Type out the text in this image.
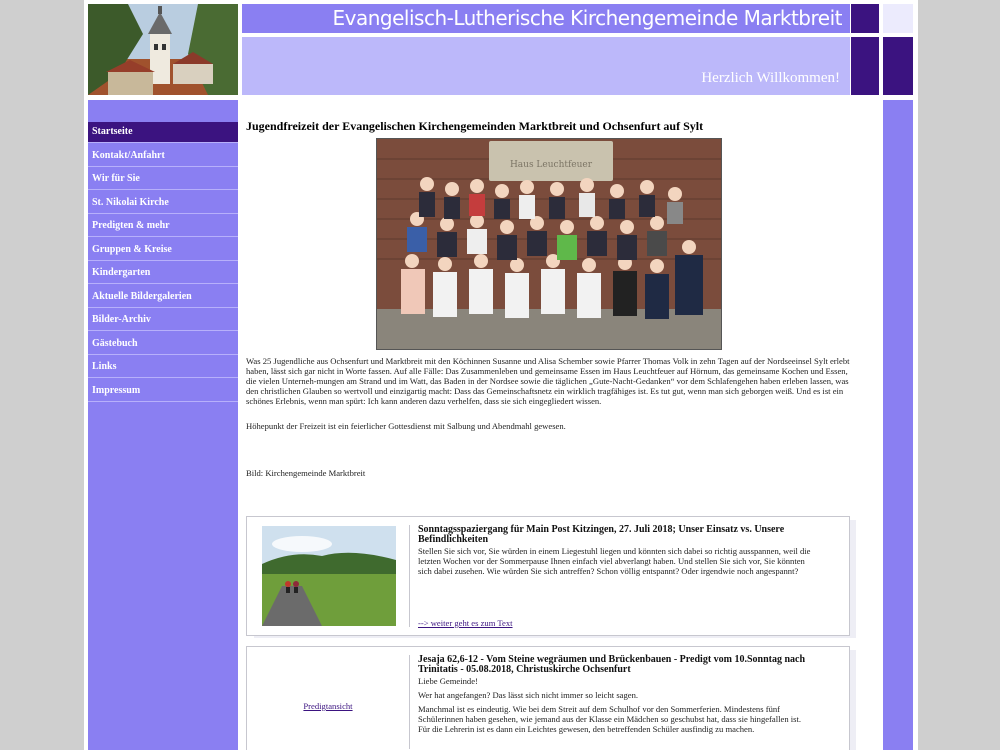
Evangelisch-Lutherische Kirchengemeinde Marktbreit
Herzlich Willkommen!
Startseite
Kontakt/Anfahrt
Wir für Sie
St. Nikolai Kirche
Predigten & mehr
Gruppen & Kreise
Kindergarten
Aktuelle Bildergalerien
Bilder-Archiv
Gästebuch
Links
Impressum
Jugendfreizeit der Evangelischen Kirchengemeinden Marktbreit und Ochsenfurt auf Sylt
Haus Leuchtfeuer

Was 25 Jugendliche aus Ochsenfurt und Marktbreit mit den Köchinnen Susanne und Alisa Schember sowie Pfarrer Thomas Volk in zehn Tagen auf der Nordseeinsel Sylt erlebt haben, lässt sich gar nicht in Worte fassen. Auf alle Fälle: Das Zusammenleben und gemeinsame Essen im Haus Leuchtfeuer auf Hörnum, das gemeinsame Kochen und Essen, die vielen Unterneh-mungen am Strand und im Watt, das Baden in der Nordsee sowie die täglichen „Gute-Nacht-Gedanken“ vor dem Schlafengehen haben erleben lassen, was den christlichen Glauben so wertvoll und einzigartig macht: Dass das Gemeinschaftsnetz ein wirklich tragfähiges ist. Es tut gut, wenn man sich geborgen weiß. Und es ist ein schönes Erlebnis, wenn man spürt: Ich kann anderen dazu verhelfen, dass sie sich eingegliedert wissen.

Höhepunkt der Freizeit ist ein feierlicher Gottesdienst mit Salbung und Abendmahl gewesen.

Bild: Kirchengemeinde Marktbreit

Sonntagsspaziergang für Main Post Kitzingen, 27. Juli 2018; Unser Einsatz vs. Unsere Befindlichkeiten

Stellen Sie sich vor, Sie würden in einem Liegestuhl liegen und könnten sich dabei so richtig ausspannen, weil die letzten Wochen vor der Sommerpause Ihnen einfach viel abverlangt haben. Und stellen Sie sich vor, Sie könnten sich dabei zusehen. Wie würden Sie sich antreffen? Schon völlig entspannt? Oder irgendwie noch angespannt?

--> weiter geht es zum Text
Predigtansicht

Jesaja 62,6-12 - Vom Steine wegräumen und Brückenbauen - Predigt vom 10.Sonntag nach Trinitatis - 05.08.2018, Christuskirche Ochsenfurt

Liebe Gemeinde!

Wer hat angefangen? Das lässt sich nicht immer so leicht sagen.

Manchmal ist es eindeutig. Wie bei dem Streit auf dem Schulhof vor den Sommerferien. Mindestens fünf Schülerinnen haben gesehen, wie jemand aus der Klasse ein Mädchen so geschubst hat, dass sie hingefallen ist. Für die Lehrerin ist es dann ein Leichtes gewesen, den betreffenden Schüler ausfindig zu machen.
